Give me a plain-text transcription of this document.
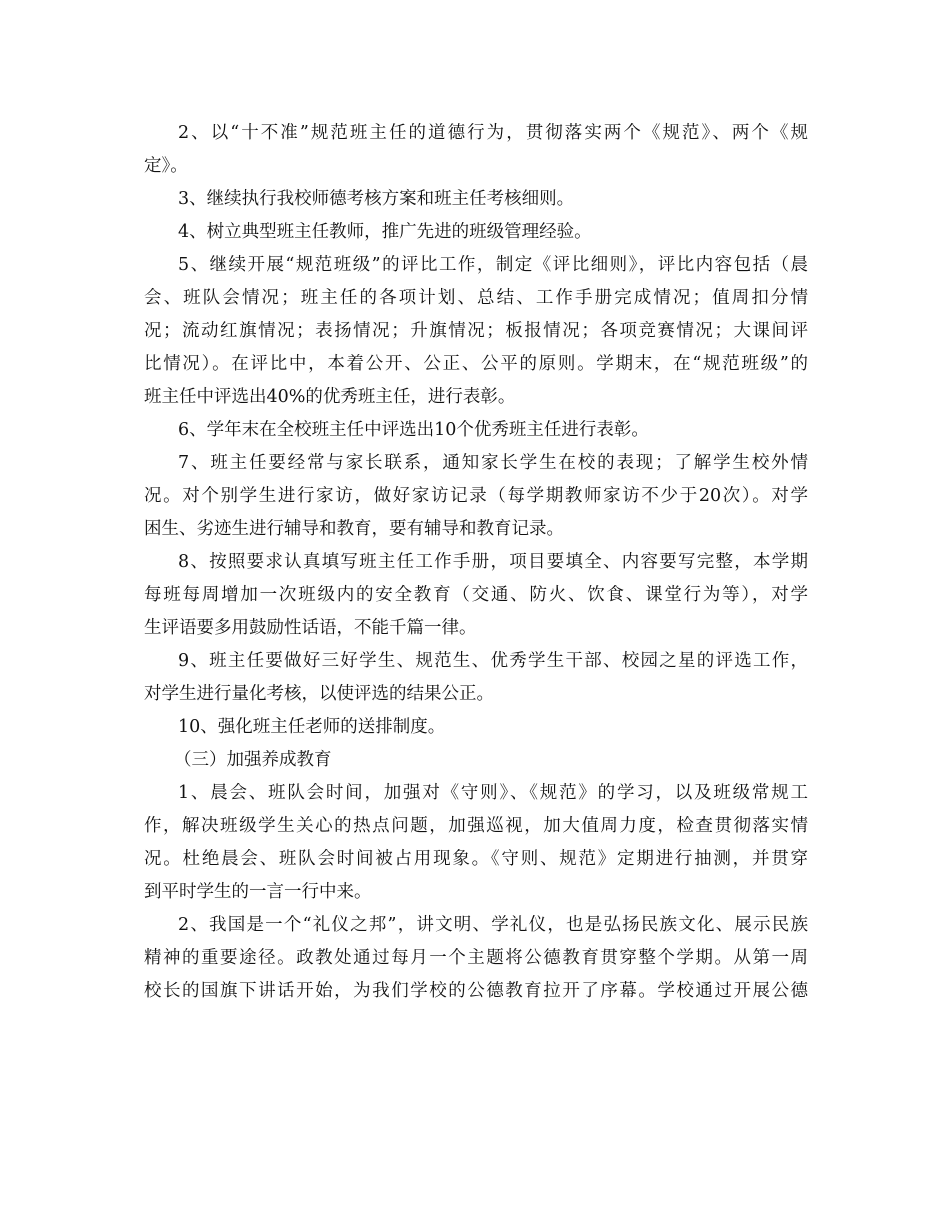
2、以“十不准”规范班主任的道德行为，贯彻落实两个《规范》、两个《规
定》。
3、继续执行我校师德考核方案和班主任考核细则。
4、树立典型班主任教师，推广先进的班级管理经验。
5、继续开展“规范班级”的评比工作，制定《评比细则》，评比内容包括（晨
会、班队会情况；班主任的各项计划、总结、工作手册完成情况；值周扣分情
况；流动红旗情况；表扬情况；升旗情况；板报情况；各项竞赛情况；大课间评
比情况）。在评比中，本着公开、公正、公平的原则。学期末，在“规范班级”的
班主任中评选出40%的优秀班主任，进行表彰。
6、学年末在全校班主任中评选出10个优秀班主任进行表彰。
7、班主任要经常与家长联系，通知家长学生在校的表现；了解学生校外情
况。对个别学生进行家访，做好家访记录（每学期教师家访不少于20次）。对学
困生、劣迹生进行辅导和教育，要有辅导和教育记录。
8、按照要求认真填写班主任工作手册，项目要填全、内容要写完整，本学期
每班每周增加一次班级内的安全教育（交通、防火、饮食、课堂行为等），对学
生评语要多用鼓励性话语，不能千篇一律。
9、班主任要做好三好学生、规范生、优秀学生干部、校园之星的评选工作，
对学生进行量化考核，以使评选的结果公正。
10、强化班主任老师的送排制度。
（三）加强养成教育
1、晨会、班队会时间，加强对《守则》、《规范》的学习，以及班级常规工
作，解决班级学生关心的热点问题，加强巡视，加大值周力度，检查贯彻落实情
况。杜绝晨会、班队会时间被占用现象。《守则、规范》定期进行抽测，并贯穿
到平时学生的一言一行中来。
2、我国是一个“礼仪之邦”，讲文明、学礼仪，也是弘扬民族文化、展示民族
精神的重要途径。政教处通过每月一个主题将公德教育贯穿整个学期。从第一周
校长的国旗下讲话开始，为我们学校的公德教育拉开了序幕。学校通过开展公德
